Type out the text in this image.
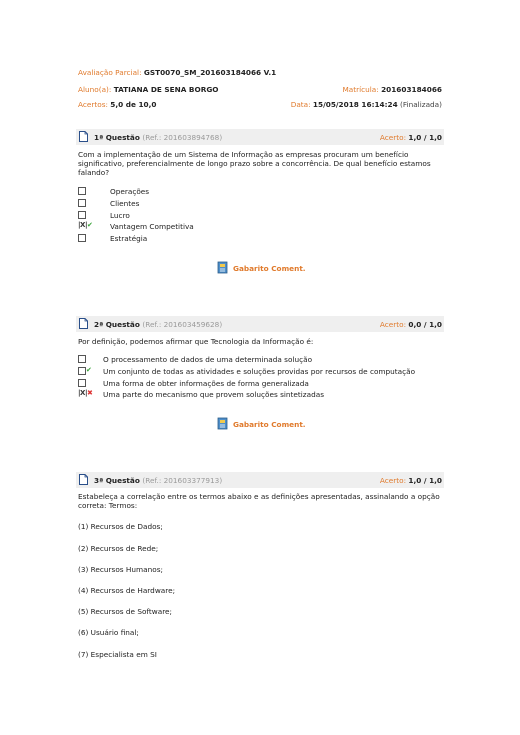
Avaliação Parcial: GST0070_SM_201603184066 V.1
Aluno(a): TATIANA DE SENA BORGO	Matrícula: 201603184066
Acertos: 5,0 de 10,0	Data: 15/05/2018 16:14:24 (Finalizada)
1ª Questão (Ref.: 201603894768)	Acerto: 1,0 / 1,0
Com a implementação de um Sistema de Informação as empresas procuram um benefício significativo, preferencialmente de longo prazo sobre a concorrência. De qual benefício estamos falando?
Operações
Clientes
Lucro
|X| ✔ Vantagem Competitiva
Estratégia
Gabarito Coment.
2ª Questão (Ref.: 201603459628)	Acerto: 0,0 / 1,0
Por definição, podemos afirmar que Tecnologia da Informação é:
O processamento de dados de uma determinada solução
✔ Um conjunto de todas as atividades e soluções providas por recursos de computação
Uma forma de obter informações de forma generalizada
|X| ✖ Uma parte do mecanismo que provem soluções sintetizadas
Gabarito Coment.
3ª Questão (Ref.: 201603377913)	Acerto: 1,0 / 1,0
Estabeleça a correlação entre os termos abaixo e as definições apresentadas, assinalando a opção correta: Termos:
(1) Recursos de Dados;
(2) Recursos de Rede;
(3) Recursos Humanos;
(4) Recursos de Hardware;
(5) Recursos de Software;
(6) Usuário final;
(7) Especialista em SI
